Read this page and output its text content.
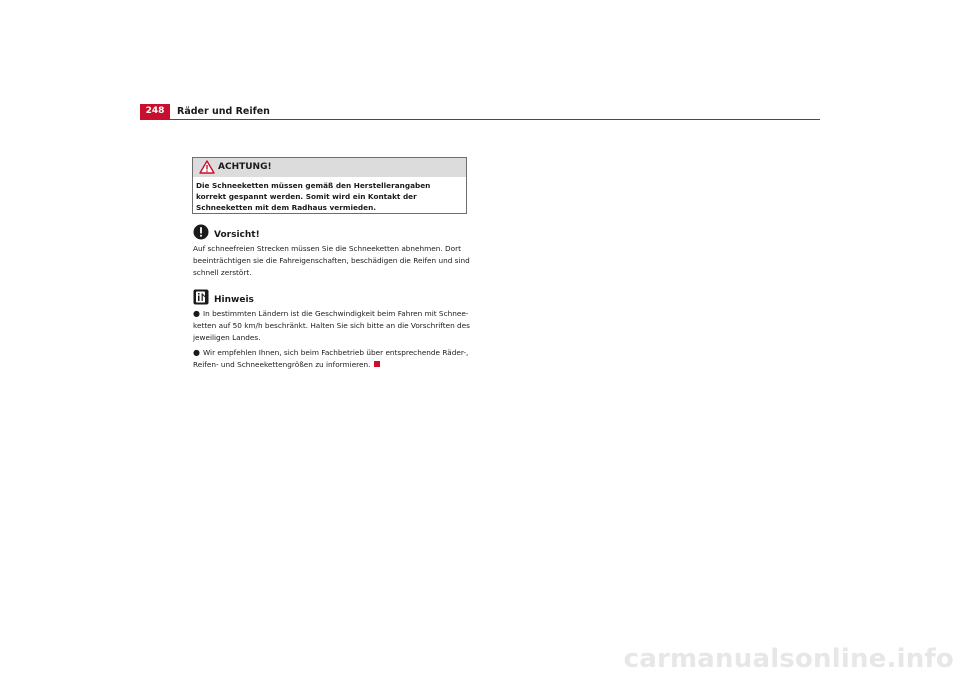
248	Räder und Reifen
ACHTUNG!
Die Schneeketten müssen gemäß den Herstellerangaben korrekt gespannt werden. Somit wird ein Kontakt der Schneeketten mit dem Radhaus vermieden.
Vorsicht!
Auf schneefreien Strecken müssen Sie die Schneeketten abnehmen. Dort beeinträchtigen sie die Fahreigenschaften, beschädigen die Reifen und sind schnell zerstört.
Hinweis
● In bestimmten Ländern ist die Geschwindigkeit beim Fahren mit Schnee-ketten auf 50 km/h beschränkt. Halten Sie sich bitte an die Vorschriften des jeweiligen Landes.
● Wir empfehlen Ihnen, sich beim Fachbetrieb über entsprechende Räder-, Reifen- und Schneekettengrößen zu informieren.
carmanualsonline.info
